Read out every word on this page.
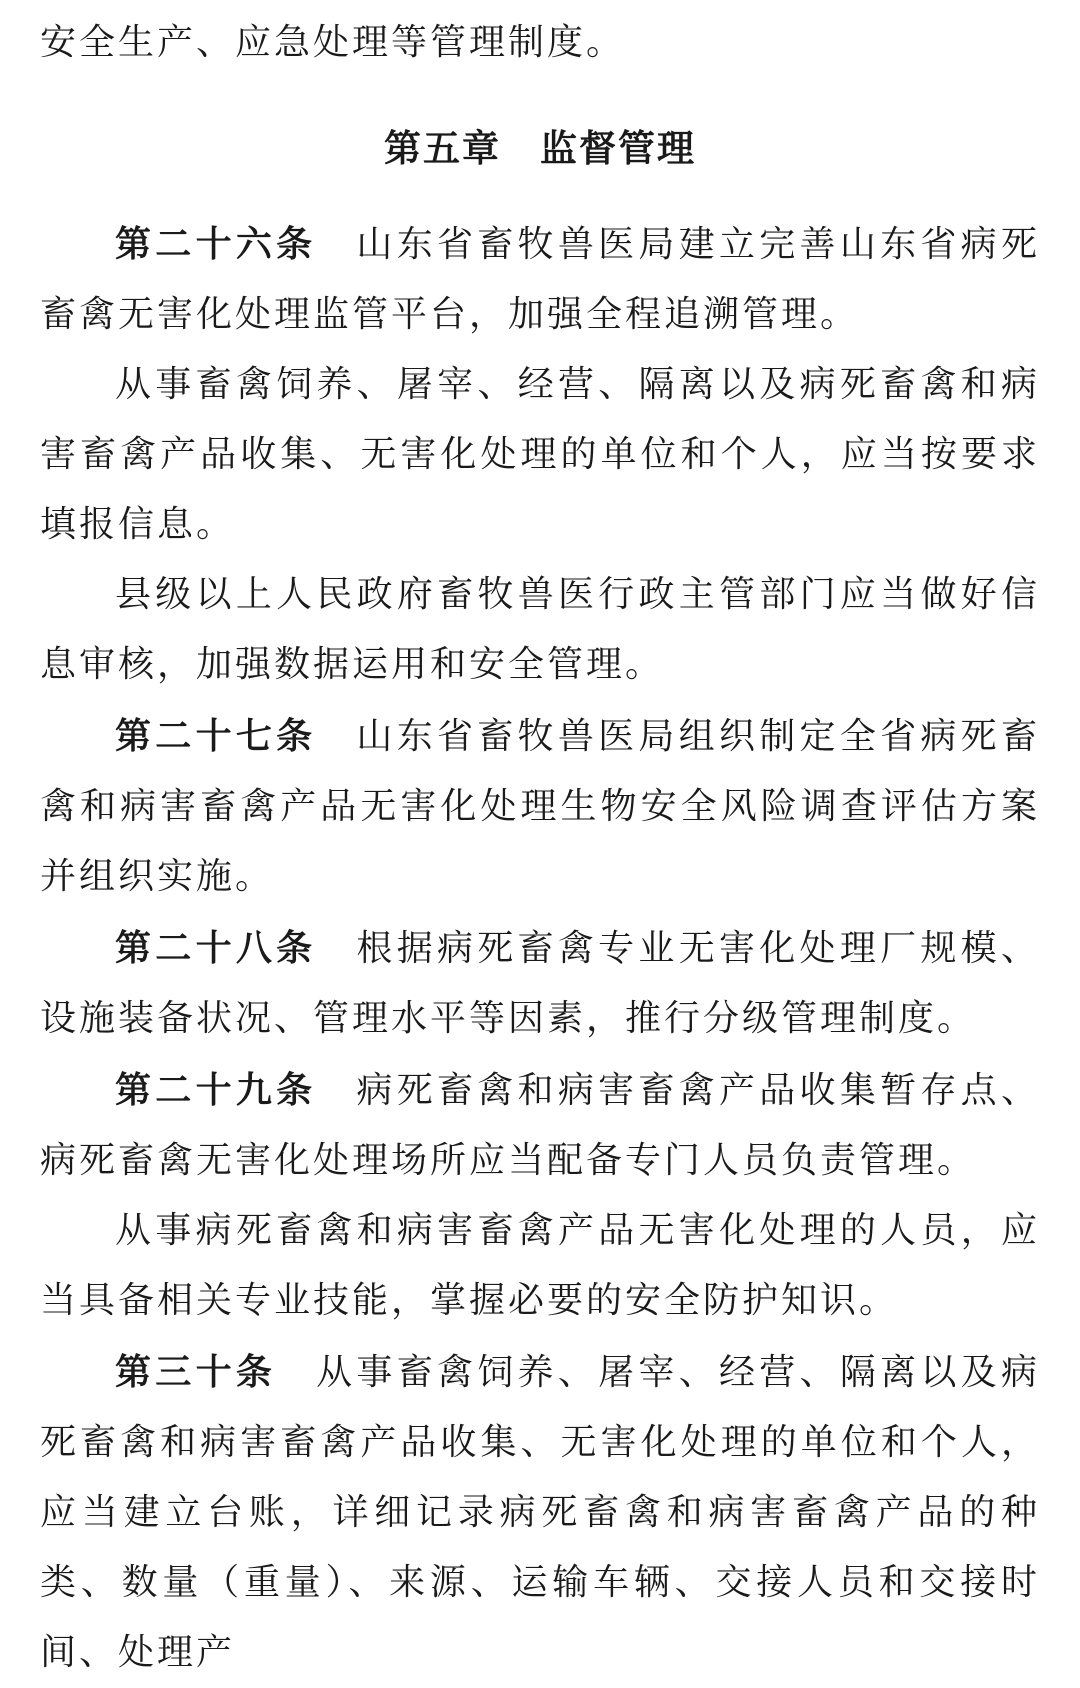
安全生产、应急处理等管理制度。

第五章　监督管理

第二十六条 山东省畜牧兽医局建立完善山东省病死畜禽无害化处理监管平台，加强全程追溯管理。

从事畜禽饲养、屠宰、经营、隔离以及病死畜禽和病害畜禽产品收集、无害化处理的单位和个人，应当按要求填报信息。

县级以上人民政府畜牧兽医行政主管部门应当做好信息审核，加强数据运用和安全管理。

第二十七条 山东省畜牧兽医局组织制定全省病死畜禽和病害畜禽产品无害化处理生物安全风险调查评估方案并组织实施。

第二十八条 根据病死畜禽专业无害化处理厂规模、设施装备状况、管理水平等因素，推行分级管理制度。

第二十九条 病死畜禽和病害畜禽产品收集暂存点、病死畜禽无害化处理场所应当配备专门人员负责管理。

从事病死畜禽和病害畜禽产品无害化处理的人员，应当具备相关专业技能，掌握必要的安全防护知识。

第三十条 从事畜禽饲养、屠宰、经营、隔离以及病死畜禽和病害畜禽产品收集、无害化处理的单位和个人，应当建立台账，详细记录病死畜禽和病害畜禽产品的种类、数量（重量）、来源、运输车辆、交接人员和交接时间、处理产
